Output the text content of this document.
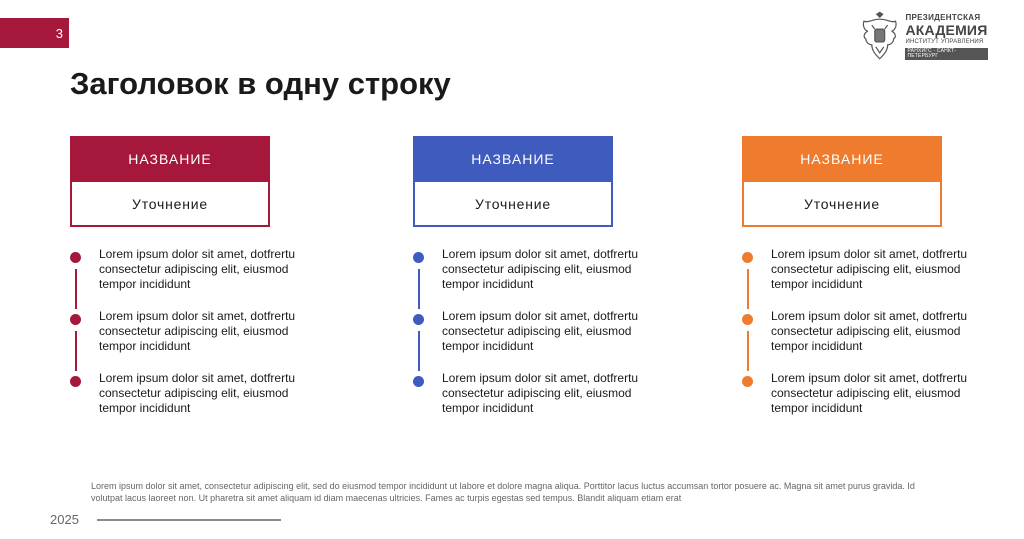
3
ПРЕЗИДЕНТСКАЯ
АКАДЕМИЯ
ИНСТИТУТ УПРАВЛЕНИЯ
РАНХИГС · САНКТ-ПЕТЕРБУРГ
Заголовок в одну строку
НАЗВАНИЕ
Уточнение
Lorem ipsum dolor sit amet, dotfrertu consectetur adipiscing elit, eiusmod tempor incididunt
Lorem ipsum dolor sit amet, dotfrertu consectetur adipiscing elit, eiusmod tempor incididunt
Lorem ipsum dolor sit amet, dotfrertu consectetur adipiscing elit, eiusmod tempor incididunt
НАЗВАНИЕ
Уточнение
Lorem ipsum dolor sit amet, dotfrertu consectetur adipiscing elit, eiusmod tempor incididunt
Lorem ipsum dolor sit amet, dotfrertu consectetur adipiscing elit, eiusmod tempor incididunt
Lorem ipsum dolor sit amet, dotfrertu consectetur adipiscing elit, eiusmod tempor incididunt
НАЗВАНИЕ
Уточнение
Lorem ipsum dolor sit amet, dotfrertu consectetur adipiscing elit, eiusmod tempor incididunt
Lorem ipsum dolor sit amet, dotfrertu consectetur adipiscing elit, eiusmod tempor incididunt
Lorem ipsum dolor sit amet, dotfrertu consectetur adipiscing elit, eiusmod tempor incididunt
Lorem ipsum dolor sit amet, consectetur adipiscing elit, sed do eiusmod tempor incididunt ut labore et dolore magna aliqua. Porttitor lacus luctus accumsan tortor posuere ac. Magna sit amet purus gravida. Id volutpat lacus laoreet non. Ut pharetra sit amet aliquam id diam maecenas ultricies. Fames ac turpis egestas sed tempus. Blandit aliquam etiam erat
2025
